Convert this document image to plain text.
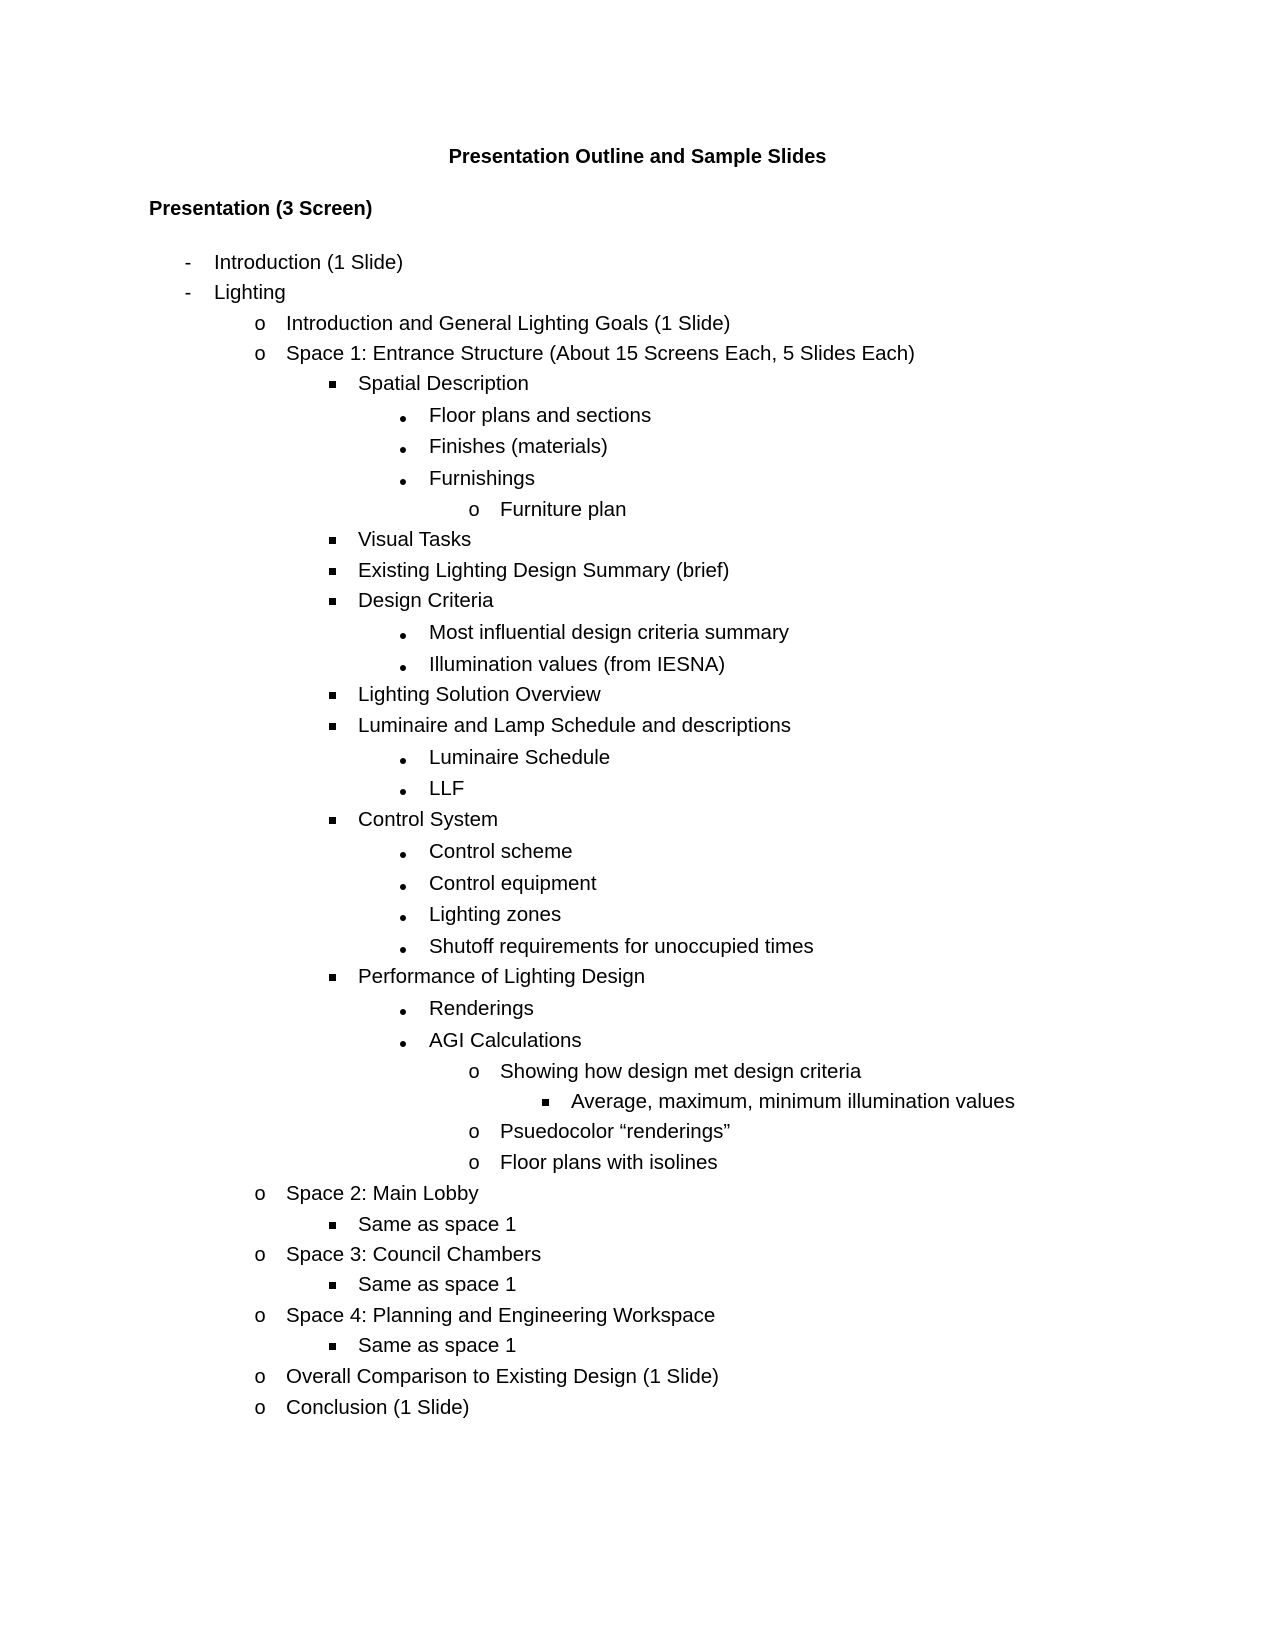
Presentation Outline and Sample Slides
Presentation (3 Screen)
-	Introduction (1 Slide)
-	Lighting
o Introduction and General Lighting Goals (1 Slide)
o Space 1: Entrance Structure (About 15 Screens Each, 5 Slides Each)
Spatial Description
Floor plans and sections
Finishes (materials)
Furnishings
o Furniture plan
Visual Tasks
Existing Lighting Design Summary (brief)
Design Criteria
Most influential design criteria summary
Illumination values (from IESNA)
Lighting Solution Overview
Luminaire and Lamp Schedule and descriptions
Luminaire Schedule
LLF
Control System
Control scheme
Control equipment
Lighting zones
Shutoff requirements for unoccupied times
Performance of Lighting Design
Renderings
AGI Calculations
o Showing how design met design criteria
Average, maximum, minimum illumination values
o Psuedocolor “renderings”
o Floor plans with isolines
o Space 2: Main Lobby
Same as space 1
o Space 3: Council Chambers
Same as space 1
o Space 4: Planning and Engineering Workspace
Same as space 1
o Overall Comparison to Existing Design (1 Slide)
o Conclusion (1 Slide)
